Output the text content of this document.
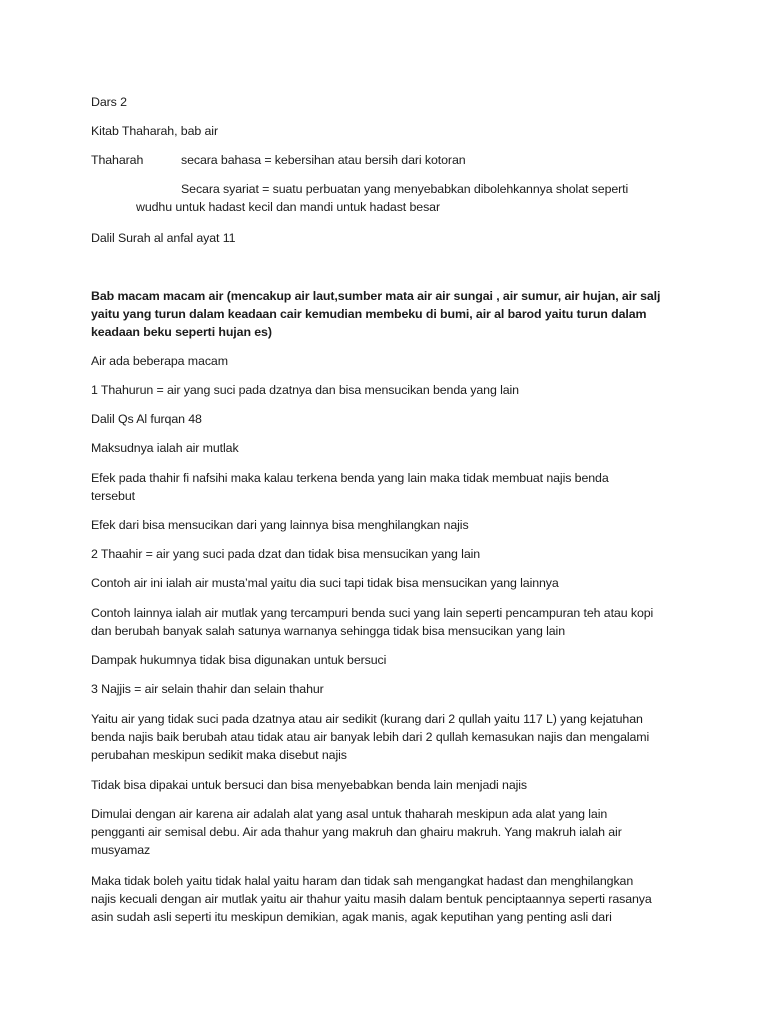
Dars 2
Kitab Thaharah, bab air
Thaharah	secara bahasa = kebersihan atau bersih dari kotoran
Secara syariat = suatu perbuatan yang menyebabkan dibolehkannya sholat seperti
wudhu untuk hadast kecil dan mandi untuk hadast besar
Dalil Surah al anfal ayat 11
Bab macam macam air (mencakup air laut,sumber mata air air sungai , air sumur, air hujan, air salj
yaitu yang turun dalam keadaan cair kemudian membeku di bumi, air al barod yaitu turun dalam
keadaan beku seperti hujan es)
Air ada beberapa macam
1 Thahurun = air yang suci pada dzatnya dan bisa mensucikan benda yang lain
Dalil Qs Al furqan 48
Maksudnya ialah air mutlak
Efek pada thahir fi nafsihi maka kalau terkena benda yang lain maka tidak membuat najis benda
tersebut
Efek dari bisa mensucikan dari yang lainnya bisa menghilangkan najis
2 Thaahir = air yang suci pada dzat dan tidak bisa mensucikan yang lain
Contoh air ini ialah air musta’mal yaitu dia suci tapi tidak bisa mensucikan yang lainnya
Contoh lainnya ialah air mutlak yang tercampuri benda suci yang lain seperti pencampuran teh atau kopi
dan berubah banyak salah satunya warnanya sehingga tidak bisa mensucikan yang lain
Dampak hukumnya tidak bisa digunakan untuk bersuci
3 Najjis = air selain thahir dan selain thahur
Yaitu air yang tidak suci pada dzatnya atau air sedikit (kurang dari 2 qullah yaitu 117 L) yang kejatuhan
benda najis baik berubah atau tidak atau air banyak lebih dari 2 qullah kemasukan najis dan mengalami
perubahan meskipun sedikit maka disebut najis
Tidak bisa dipakai untuk bersuci dan bisa menyebabkan benda lain menjadi najis
Dimulai dengan air karena air adalah alat yang asal untuk thaharah meskipun ada alat yang lain
pengganti air semisal debu. Air ada thahur yang makruh dan ghairu makruh. Yang makruh ialah air
musyamaz
Maka tidak boleh yaitu tidak halal yaitu haram dan tidak sah mengangkat hadast dan menghilangkan
najis kecuali dengan air mutlak yaitu air thahur yaitu masih dalam bentuk penciptaannya seperti rasanya
asin sudah asli seperti itu meskipun demikian, agak manis, agak keputihan yang penting asli dari
